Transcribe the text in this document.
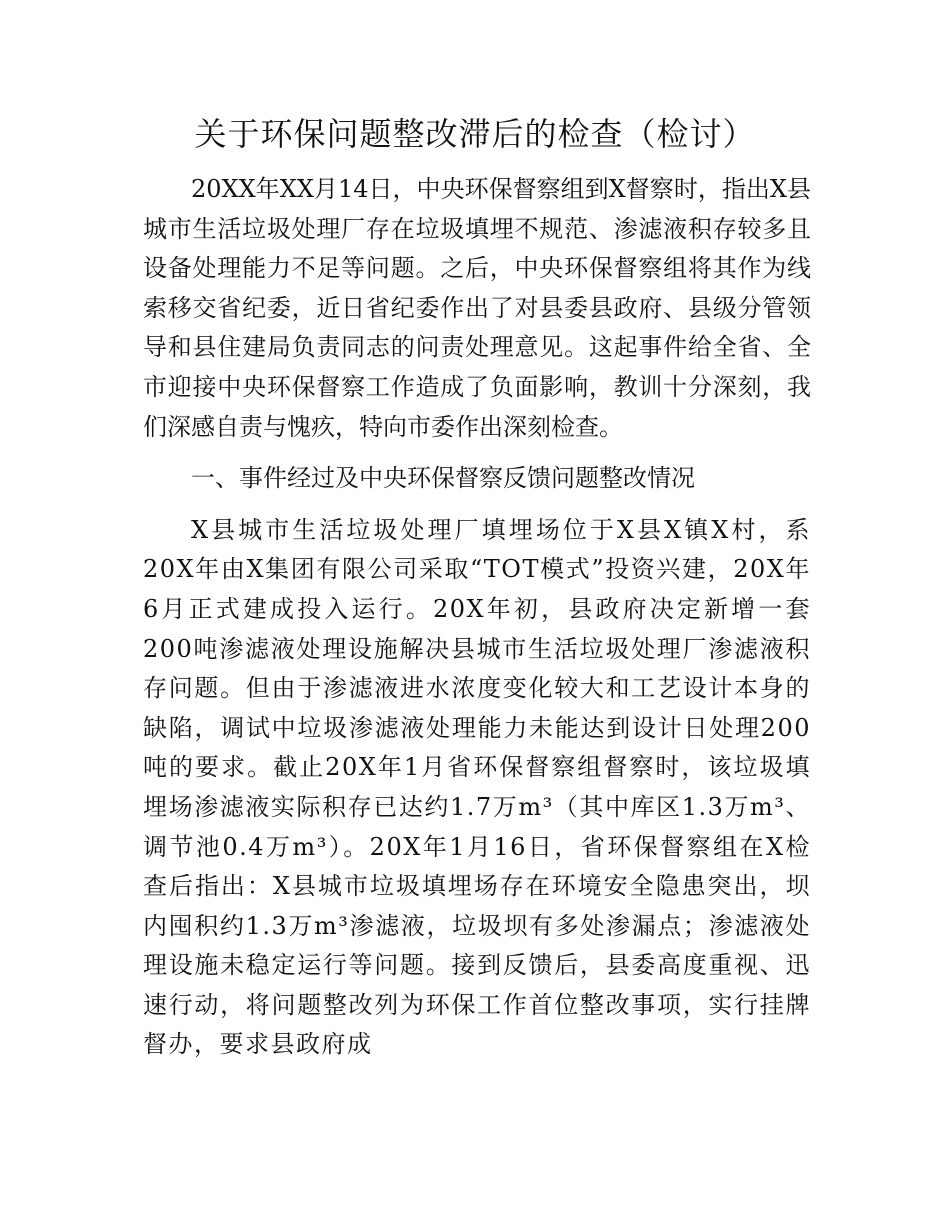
关于环保问题整改滞后的检查（检讨）

20XX年XX月14日，中央环保督察组到X督察时，指出X县城市生活垃圾处理厂存在垃圾填埋不规范、渗滤液积存较多且设备处理能力不足等问题。之后，中央环保督察组将其作为线索移交省纪委，近日省纪委作出了对县委县政府、县级分管领导和县住建局负责同志的问责处理意见。这起事件给全省、全市迎接中央环保督察工作造成了负面影响，教训十分深刻，我们深感自责与愧疚，特向市委作出深刻检查。

一、事件经过及中央环保督察反馈问题整改情况

X县城市生活垃圾处理厂填埋场位于X县X镇X村，系20X年由X集团有限公司采取“TOT模式”投资兴建，20X年6月正式建成投入运行。20X年初，县政府决定新增一套200吨渗滤液处理设施解决县城市生活垃圾处理厂渗滤液积存问题。但由于渗滤液进水浓度变化较大和工艺设计本身的缺陷，调试中垃圾渗滤液处理能力未能达到设计日处理200吨的要求。截止20X年1月省环保督察组督察时，该垃圾填埋场渗滤液实际积存已达约1.7万m³（其中库区1.3万m³、调节池0.4万m³）。20X年1月16日，省环保督察组在X检查后指出：X县城市垃圾填埋场存在环境安全隐患突出，坝内囤积约1.3万m³渗滤液，垃圾坝有多处渗漏点；渗滤液处理设施未稳定运行等问题。接到反馈后，县委高度重视、迅速行动，将问题整改列为环保工作首位整改事项，实行挂牌督办，要求县政府成
